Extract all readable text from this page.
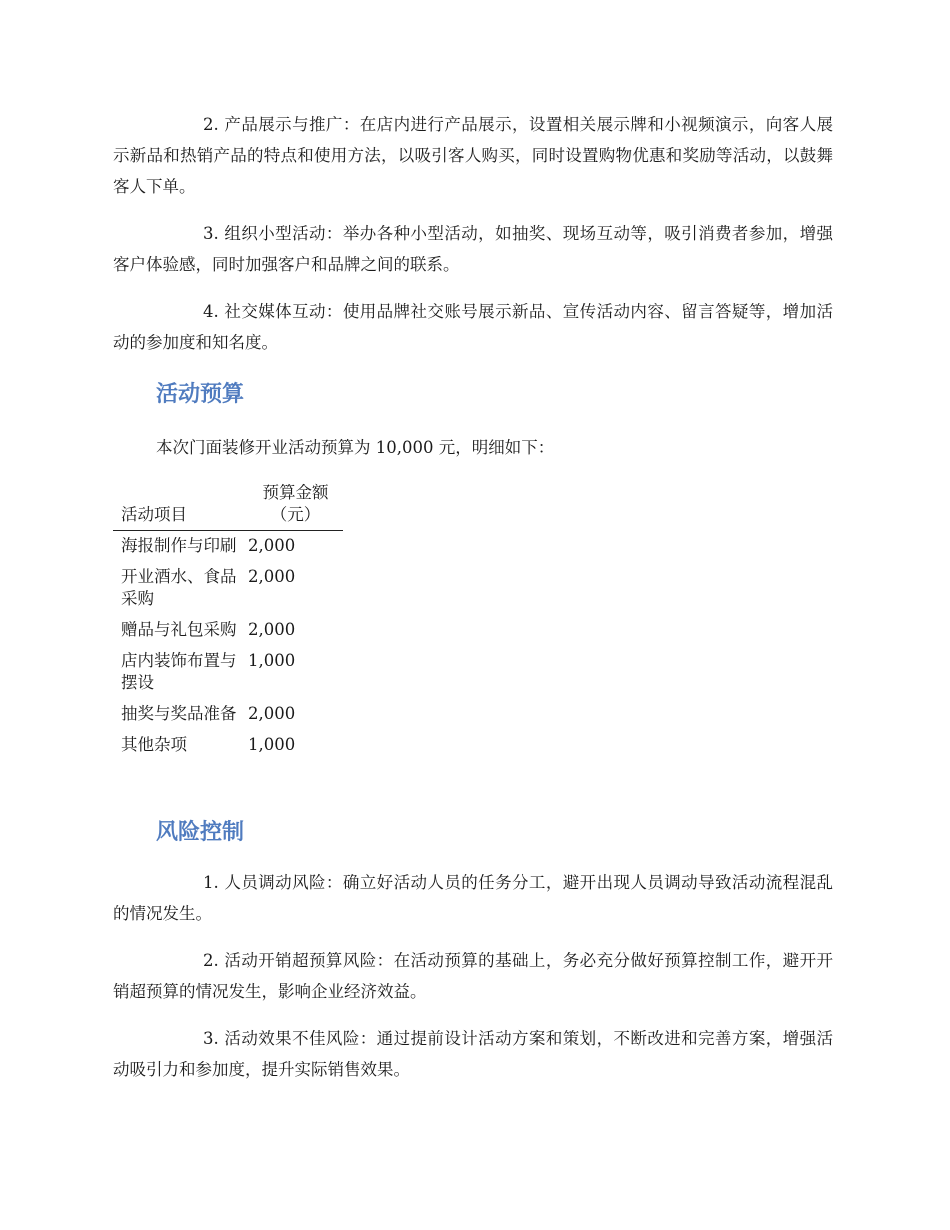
2. 产品展示与推广：在店内进行产品展示，设置相关展示牌和小视频演示，向客人展示新品和热销产品的特点和使用方法，以吸引客人购买，同时设置购物优惠和奖励等活动，以鼓舞客人下单。

3. 组织小型活动：举办各种小型活动，如抽奖、现场互动等，吸引消费者参加，增强客户体验感，同时加强客户和品牌之间的联系。

4. 社交媒体互动：使用品牌社交账号展示新品、宣传活动内容、留言答疑等，增加活动的参加度和知名度。

活动预算

本次门面装修开业活动预算为 10,000 元，明细如下：

活动项目	预算金额（元）
海报制作与印刷	2,000
开业酒水、食品采购	2,000
赠品与礼包采购	2,000
店内装饰布置与摆设	1,000
抽奖与奖品准备	2,000
其他杂项	1,000
风险控制

1. 人员调动风险：确立好活动人员的任务分工，避开出现人员调动导致活动流程混乱的情况发生。

2. 活动开销超预算风险：在活动预算的基础上，务必充分做好预算控制工作，避开开销超预算的情况发生，影响企业经济效益。

3. 活动效果不佳风险：通过提前设计活动方案和策划，不断改进和完善方案，增强活动吸引力和参加度，提升实际销售效果。
